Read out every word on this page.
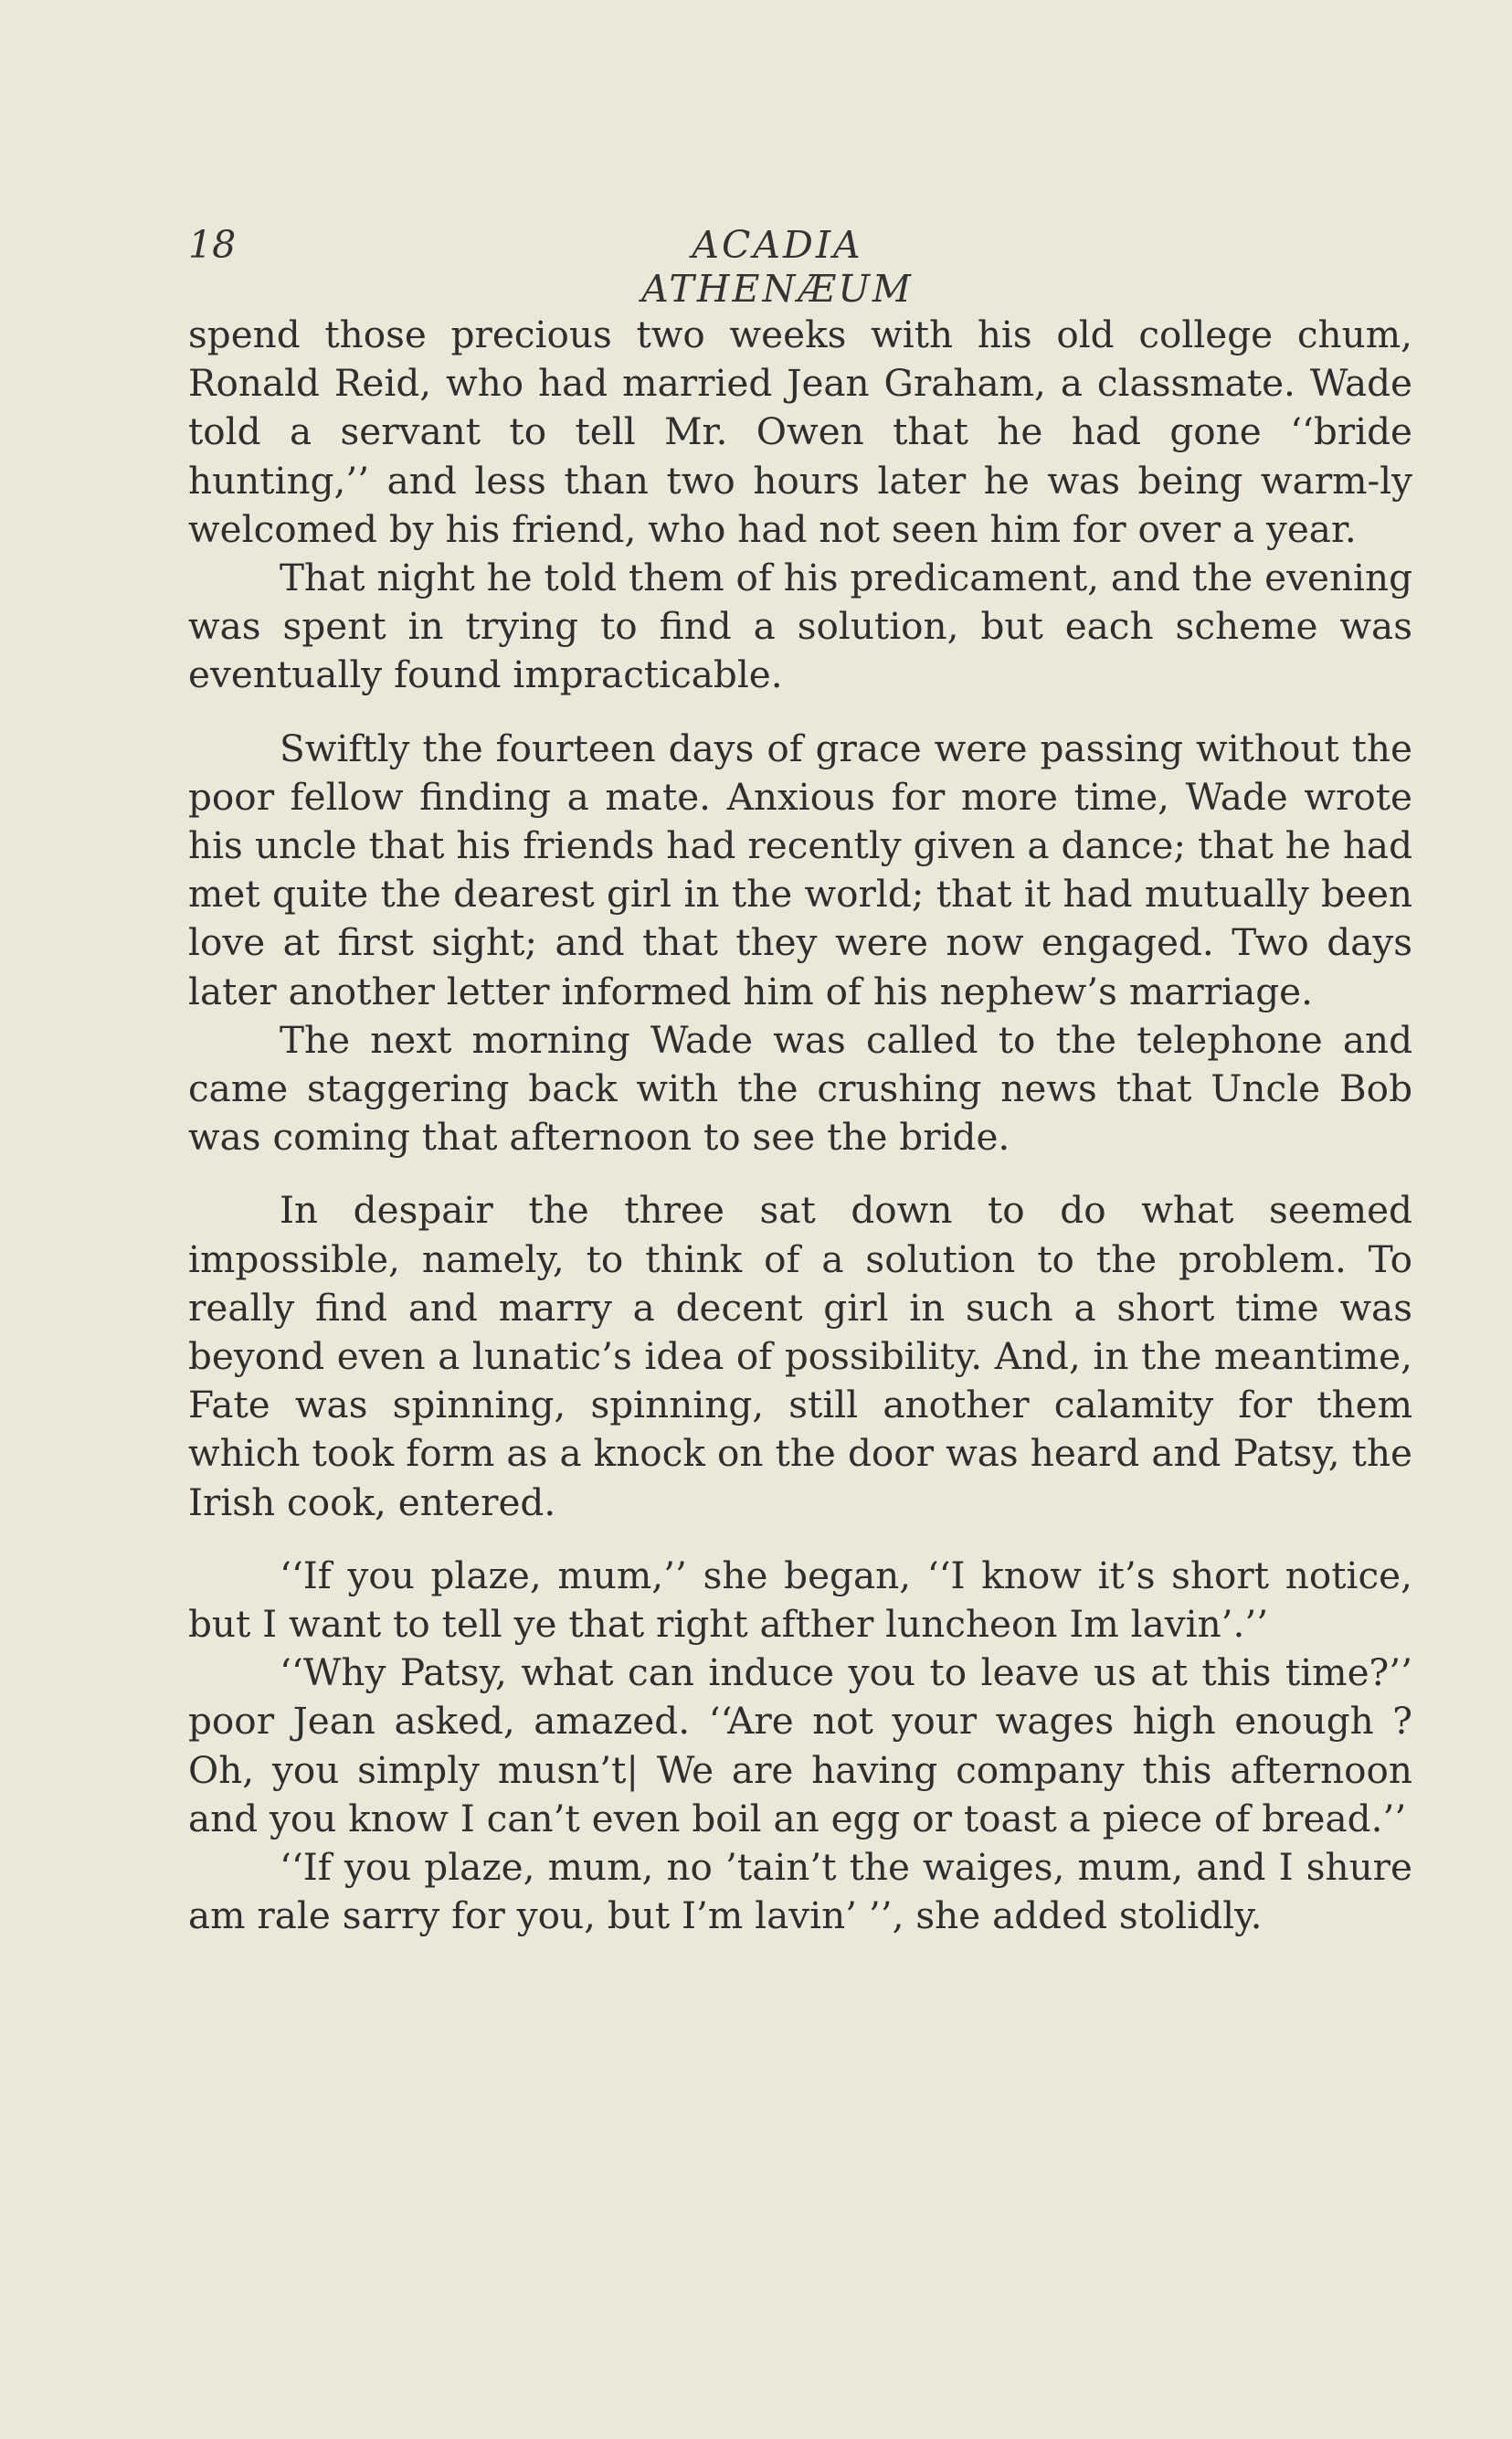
18	ACADIA ATHENÆUM

spend those precious two weeks with his old college chum, Ronald Reid, who had married Jean Graham, a classmate. Wade told a servant to tell Mr. Owen that he had gone ‘‘bride hunting,’’ and less than two hours later he was being warm-ly welcomed by his friend, who had not seen him for over a year.

That night he told them of his predicament, and the evening was spent in trying to find a solution, but each scheme was eventually found impracticable.

Swiftly the fourteen days of grace were passing without the poor fellow finding a mate. Anxious for more time, Wade wrote his uncle that his friends had recently given a dance; that he had met quite the dearest girl in the world; that it had mutually been love at first sight; and that they were now engaged. Two days later another letter informed him of his nephew’s marriage.

The next morning Wade was called to the telephone and came staggering back with the crushing news that Uncle Bob was coming that afternoon to see the bride.

In despair the three sat down to do what seemed impossible, namely, to think of a solution to the problem. To really find and marry a decent girl in such a short time was beyond even a lunatic’s idea of possibility. And, in the meantime, Fate was spinning, spinning, still another calamity for them which took form as a knock on the door was heard and Patsy, the Irish cook, entered.

‘‘If you plaze, mum,’’ she began, ‘‘I know it’s short notice, but I want to tell ye that right afther luncheon Im lavin’.’’

‘‘Why Patsy, what can induce you to leave us at this time?’’ poor Jean asked, amazed. ‘‘Are not your wages high enough ? Oh, you simply musn’t| We are having company this afternoon and you know I can’t even boil an egg or toast a piece of bread.’’

‘‘If you plaze, mum, no ’tain’t the waiges, mum, and I shure am rale sarry for you, but I’m lavin’ ’’, she added stolidly.
